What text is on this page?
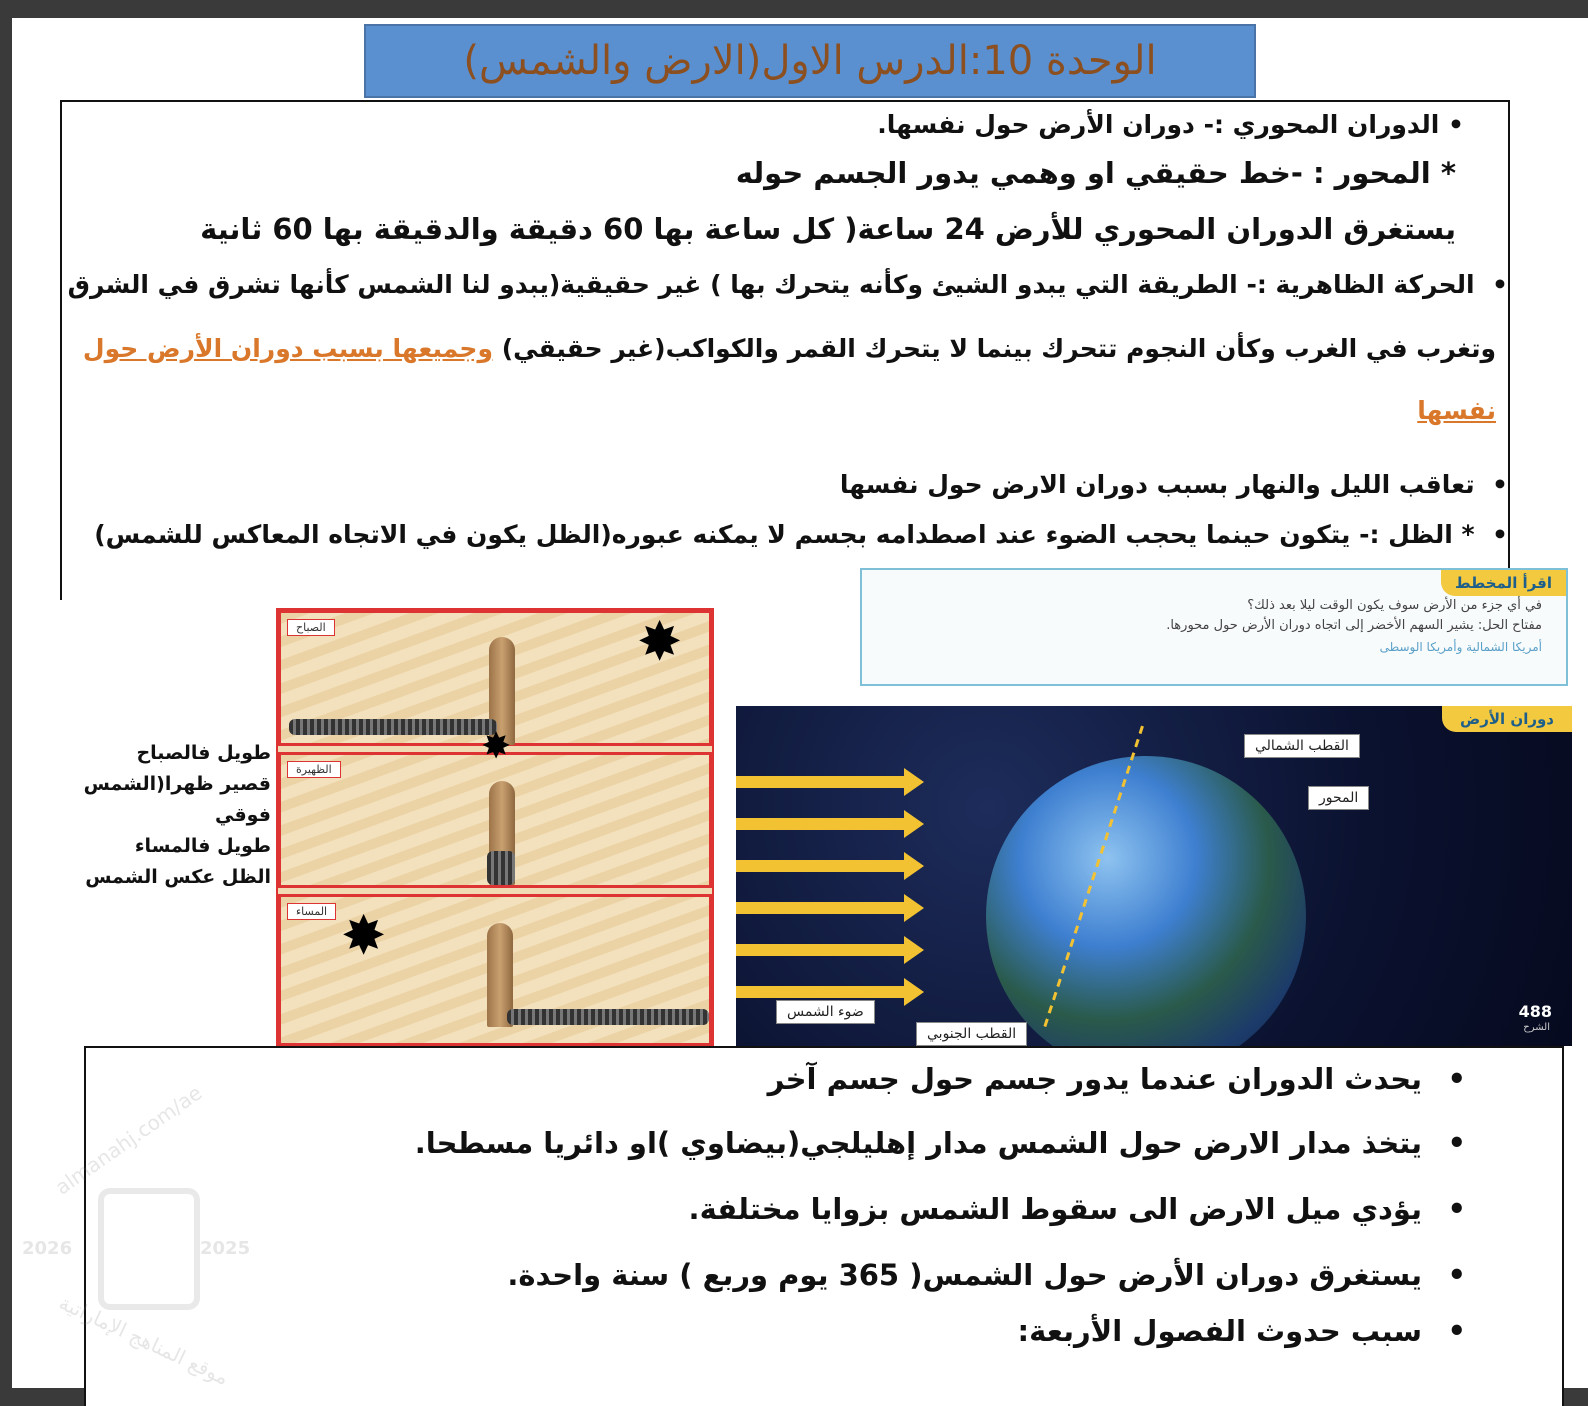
الوحدة 10:الدرس الاول(الارض والشمس)
• الدوران المحوري :- دوران الأرض حول نفسها.
* المحور : -خط حقيقي او وهمي يدور الجسم حوله
يستغرق الدوران المحوري للأرض 24 ساعة( كل ساعة بها 60 دقيقة والدقيقة بها 60 ثانية
•  الحركة الظاهرية :- الطريقة التي يبدو الشيئ وكأنه يتحرك بها ) غير حقيقية(يبدو لنا الشمس كأنها تشرق في الشرق
وتغرب في الغرب وكأن النجوم تتحرك بينما لا يتحرك القمر والكواكب(غير حقيقي) وجميعها بسبب دوران الأرض حول
نفسها
•  تعاقب الليل والنهار بسبب دوران الارض حول نفسها
•  * الظل :- يتكون حينما يحجب الضوء عند اصطدامه بجسم لا يمكنه عبوره(الظل يكون في الاتجاه المعاكس للشمس)
الصباح	✸
الظهيرة
✸
المساء ✸
طويل فالصباح
قصير ظهرا(الشمس فوقي
طويل فالمساء
الظل عكس الشمس
اقرأ المخطط
في أي جزء من الأرض سوف يكون الوقت ليلا بعد ذلك؟
مفتاح الحل: يشير السهم الأخضر إلى اتجاه دوران الأرض حول محورها.
أمريكا الشمالية وأمريكا الوسطى
دوران الأرض
القطب الشمالي
المحور
ضوء الشمس
القطب الجنوبي
488
الشرح
•
يحدث الدوران عندما يدور جسم حول جسم آخر
•
يتخذ مدار الارض حول الشمس مدار إهليلجي(بيضاوي )او دائريا مسطحا.
•
يؤدي ميل الارض الى سقوط الشمس بزوايا مختلفة.
•
يستغرق دوران الأرض حول الشمس( 365 يوم وربع ) سنة واحدة.
•
سبب حدوث الفصول الأربعة:
almanahj.com/ae
2026	2025
موقع المناهج الإماراتية
